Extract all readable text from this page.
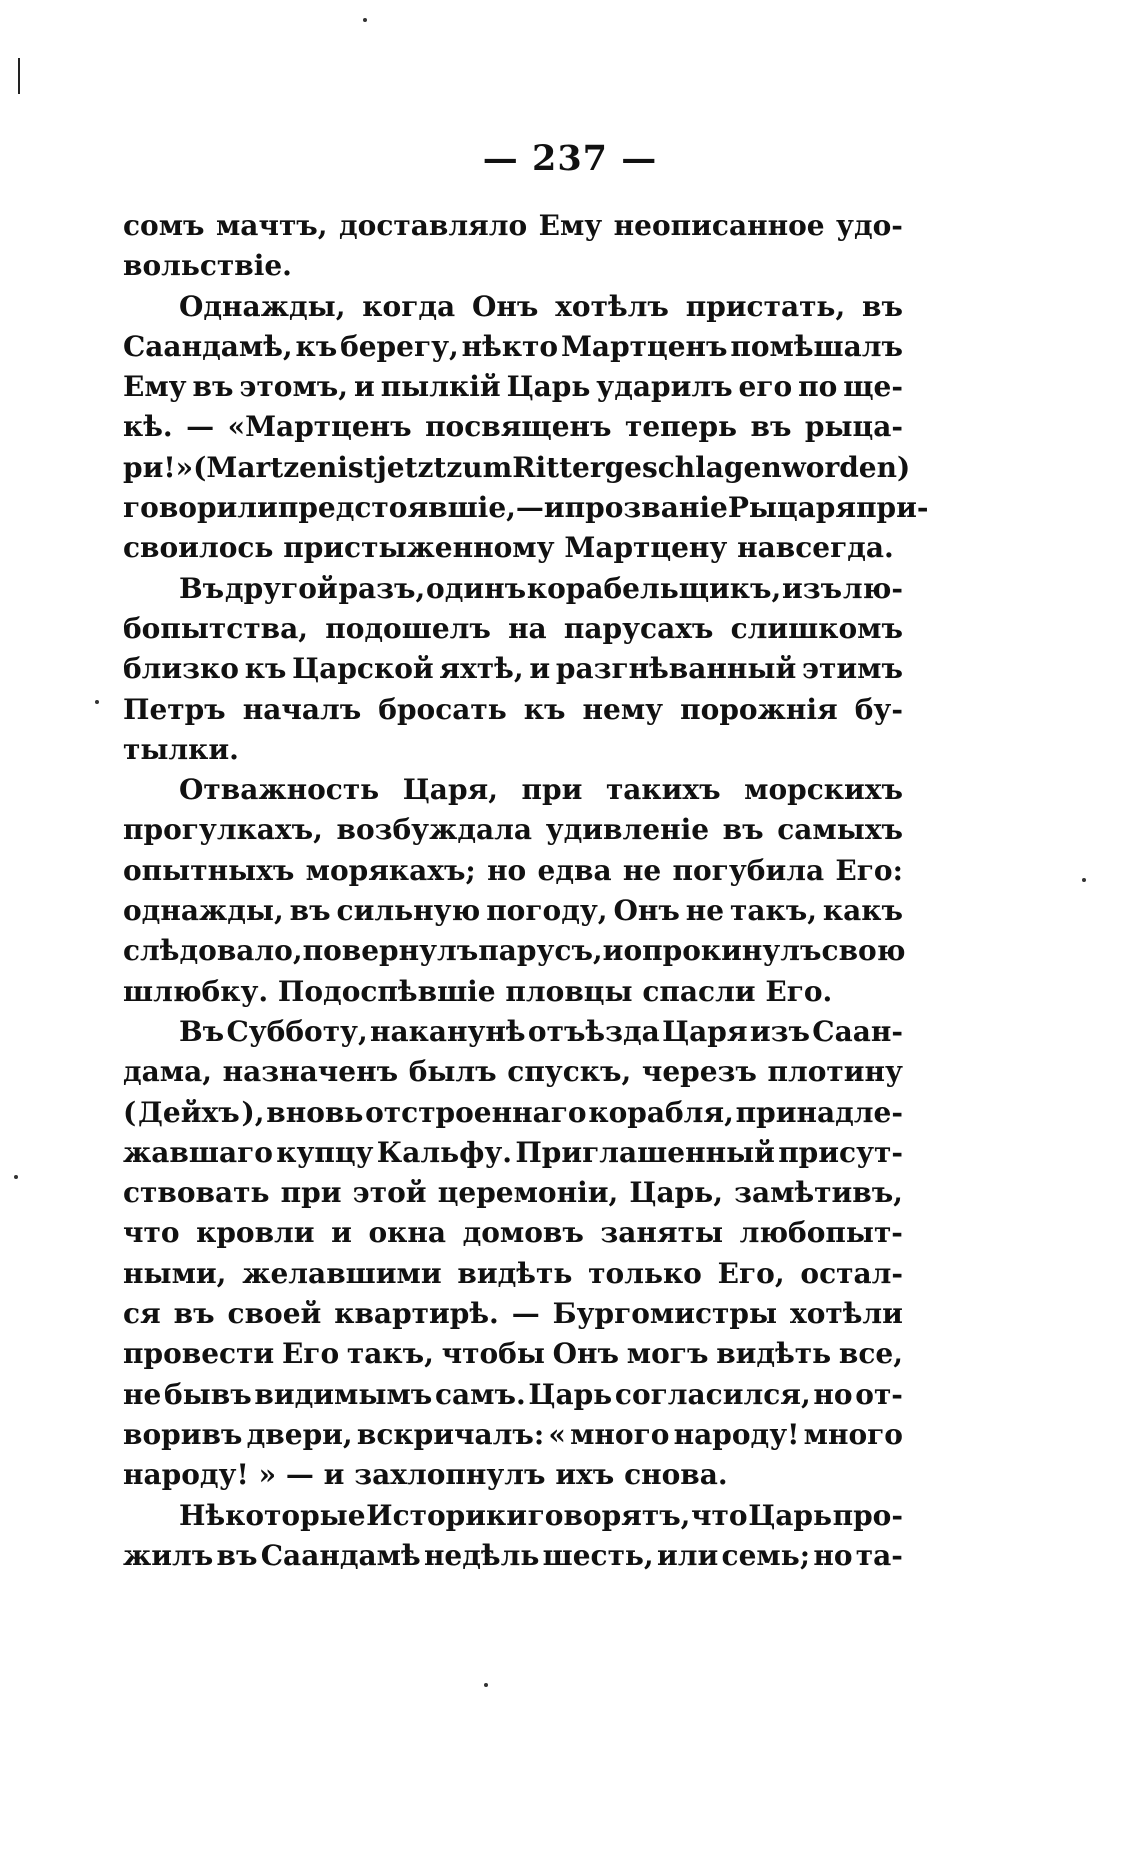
— 237 —
сомъ мачтъ, доставляло Ему неописанное удо-
вольствіе.
Однажды, когда Онъ хотѣлъ пристать, въ
Саандамѣ, къ берегу, нѣкто Мартценъ помѣшалъ
Ему въ этомъ, и пылкій Царь ударилъ его по щe-
кѣ. — «Мартценъ посвященъ теперь въ рыца-
ри!» ( Martzen ist jetzt zum Ritter geschlagen worden )
говорили предстоявшіе, — и прозваніе Рыцаря при-
своилось пристыженному Мартцену навсегда.
Въ другой разъ, одинъ корабельщикъ, изъ лю-
бопытства, подошелъ на парусахъ слишкомъ
близко къ Царской яхтѣ, и разгнѣванный этимъ
Петръ началъ бросать къ нему порожнія бу-
тылки.
Отважность Царя, при такихъ морскихъ
прогулкахъ, возбуждала удивленіе въ самыхъ
опытныхъ морякахъ; но едва не погубила Его:
однажды, въ сильную погоду, Онъ не такъ, какъ
слѣдовало, повернулъ парусъ, и опрокинулъ свою
шлюбку. Подоспѣвшіе пловцы спасли Его.
Въ Субботу, наканунѣ отъѣзда Царя изъ Саан-
дама, назначенъ былъ спускъ, черезъ плотину
( Дейхъ ), вновь отстроеннаго корабля, принадле-
жавшаго купцу Кальфу. Приглашенный присут-
ствовать при этой церемоніи, Царь, замѣтивъ,
что кровли и окна домовъ заняты любопыт-
ными, желавшими видѣть только Его, остал-
ся въ своей квартирѣ. — Бургомистры хотѣли
провести Его такъ, чтобы Онъ могъ видѣть все,
не бывъ видимымъ самъ. Царь согласился, но от-
воривъ двери, вскричалъ: « много народу! много
народу! » — и захлопнулъ ихъ снова.
Нѣкоторые Историки говорятъ, что Царь про-
жилъ въ Саандамѣ недѣль шесть, или семь; но та-
